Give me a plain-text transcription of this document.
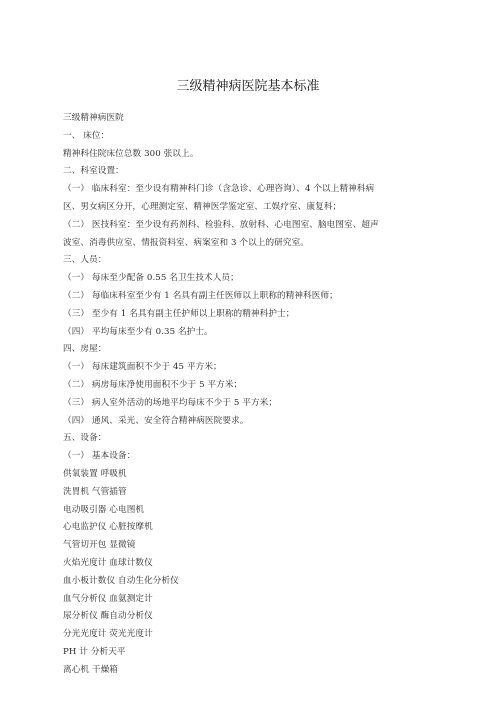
三级精神病医院基本标准
三级精神病医院
一、 床位：
精神科住院床位总数 300 张以上。
二、科室设置：
（一） 临床科室：至少设有精神科门诊（含急诊、心理咨询）、4 个以上精神科病
区、男女病区分开，心理测定室、精神医学鉴定室、工娱疗室、康复科；
（二） 医技科室：至少设有药剂科、检验科、放射科、心电图室、脑电图室、超声
波室、消毒供应室、情报资料室、病案室和 3 个以上的研究室。
三、人员：
（一） 每床至少配备 0.55 名卫生技术人员；
（二） 每临床科室至少有 1 名具有副主任医师以上职称的精神科医师；
（三） 至少有 1 名具有副主任护师以上职称的精神科护士；
（四） 平均每床至少有 0.35 名护士。
四、房屋：
（一） 每床建筑面积不少于 45 平方米；
（二） 病房每床净使用面积不少于 5 平方米；
（三） 病人室外活动的场地平均每床不少于 5 平方米；
（四） 通风、采光、安全符合精神病医院要求。
五、设备：
（一） 基本设备：
供氧装置 呼吸机
洗胃机 气管插管
电动吸引器 心电图机
心电监护仪 心脏按摩机
气管切开包 显微镜
火焰光度计 血球计数仪
血小板计数仪 自动生化分析仪
血气分析仪 血氨测定计
尿分析仪 酶自动分析仪
分光光度计 荧光光度计
PH 计 分析天平
离心机 干燥箱
